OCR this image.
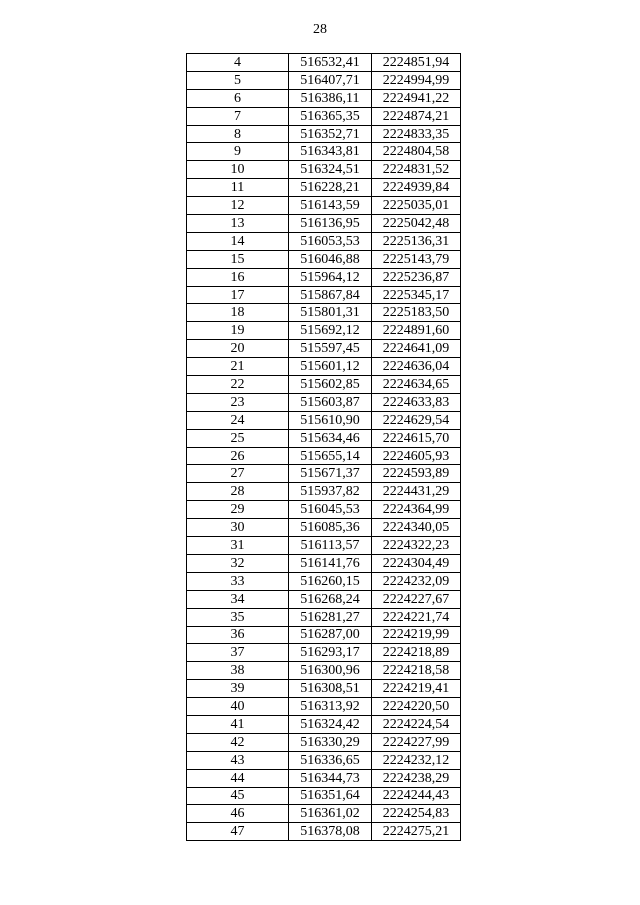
28
4	516532,41	2224851,94
5	516407,71	2224994,99
6	516386,11	2224941,22
7	516365,35	2224874,21
8	516352,71	2224833,35
9	516343,81	2224804,58
10	516324,51	2224831,52
11	516228,21	2224939,84
12	516143,59	2225035,01
13	516136,95	2225042,48
14	516053,53	2225136,31
15	516046,88	2225143,79
16	515964,12	2225236,87
17	515867,84	2225345,17
18	515801,31	2225183,50
19	515692,12	2224891,60
20	515597,45	2224641,09
21	515601,12	2224636,04
22	515602,85	2224634,65
23	515603,87	2224633,83
24	515610,90	2224629,54
25	515634,46	2224615,70
26	515655,14	2224605,93
27	515671,37	2224593,89
28	515937,82	2224431,29
29	516045,53	2224364,99
30	516085,36	2224340,05
31	516113,57	2224322,23
32	516141,76	2224304,49
33	516260,15	2224232,09
34	516268,24	2224227,67
35	516281,27	2224221,74
36	516287,00	2224219,99
37	516293,17	2224218,89
38	516300,96	2224218,58
39	516308,51	2224219,41
40	516313,92	2224220,50
41	516324,42	2224224,54
42	516330,29	2224227,99
43	516336,65	2224232,12
44	516344,73	2224238,29
45	516351,64	2224244,43
46	516361,02	2224254,83
47	516378,08	2224275,21
